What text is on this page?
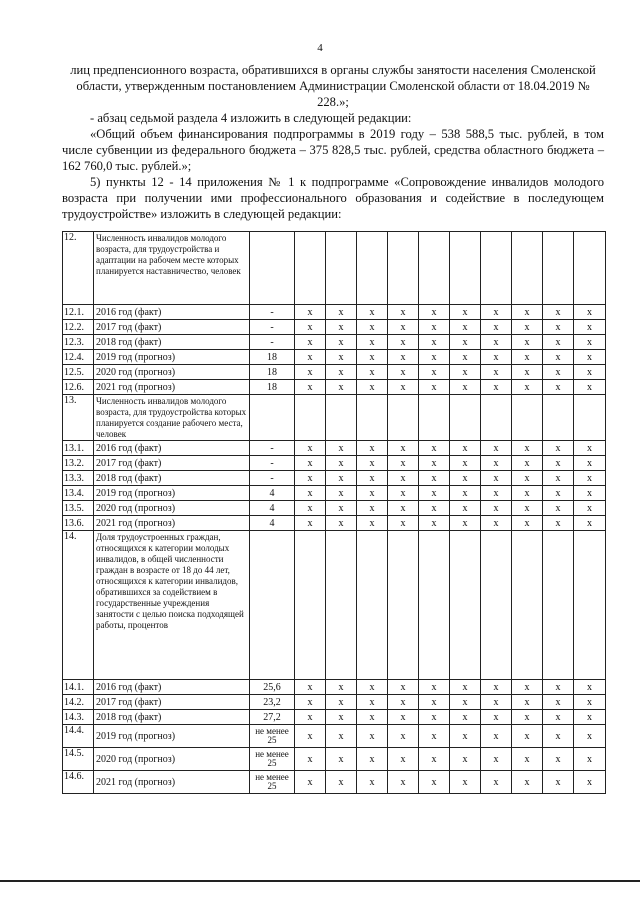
4

лиц предпенсионного возраста, обратившихся в органы службы занятости населения Смоленской области, утвержденным постановлением Администрации Смоленской области от 18.04.2019 № 228.»;

- абзац седьмой раздела 4 изложить в следующей редакции:

«Общий объем финансирования подпрограммы в 2019 году – 538 588,5 тыс. рублей, в том числе субвенции из федерального бюджета – 375 828,5 тыс. рублей, средства областного бюджета – 162 760,0 тыс. рублей.»;

5) пункты 12 - 14 приложения № 1 к подпрограмме «Сопровождение инвалидов молодого возраста при получении ими профессионального образования и содействие в последующем трудоустройстве» изложить в следующей редакции:

12.	Численность инвалидов молодого возраста, для трудоустройства и адаптации на рабочем месте которых планируется наставничество, человек											
12.1.	2016 год (факт)	-	x	x	x	x	x	x	x	x	x	x
12.2.	2017 год (факт)	-	x	x	x	x	x	x	x	x	x	x
12.3.	2018 год (факт)	-	x	x	x	x	x	x	x	x	x	x
12.4.	2019 год (прогноз)	18	x	x	x	x	x	x	x	x	x	x
12.5.	2020 год (прогноз)	18	x	x	x	x	x	x	x	x	x	x
12.6.	2021 год (прогноз)	18	x	x	x	x	x	x	x	x	x	x
13.	Численность инвалидов молодого возраста, для трудоустройства которых планируется создание рабочего места, человек											
13.1.	2016 год (факт)	-	x	x	x	x	x	x	x	x	x	x
13.2.	2017 год (факт)	-	x	x	x	x	x	x	x	x	x	x
13.3.	2018 год (факт)	-	x	x	x	x	x	x	x	x	x	x
13.4.	2019 год (прогноз)	4	x	x	x	x	x	x	x	x	x	x
13.5.	2020 год (прогноз)	4	x	x	x	x	x	x	x	x	x	x
13.6.	2021 год (прогноз)	4	x	x	x	x	x	x	x	x	x	x
14.	Доля трудоустроенных граждан, относящихся к категории молодых инвалидов, в общей численности граждан в возрасте от 18 до 44 лет, относящихся к категории инвалидов, обратившихся за содействием в государственные учреждения занятости с целью поиска подходящей работы, процентов											
14.1.	2016 год (факт)	25,6	x	x	x	x	x	x	x	x	x	x
14.2.	2017 год (факт)	23,2	x	x	x	x	x	x	x	x	x	x
14.3.	2018 год (факт)	27,2	x	x	x	x	x	x	x	x	x	x
14.4.	2019 год (прогноз)	не менее 25	x	x	x	x	x	x	x	x	x	x
14.5.	2020 год (прогноз)	не менее 25	x	x	x	x	x	x	x	x	x	x
14.6.	2021 год (прогноз)	не менее 25	x	x	x	x	x	x	x	x	x	x
